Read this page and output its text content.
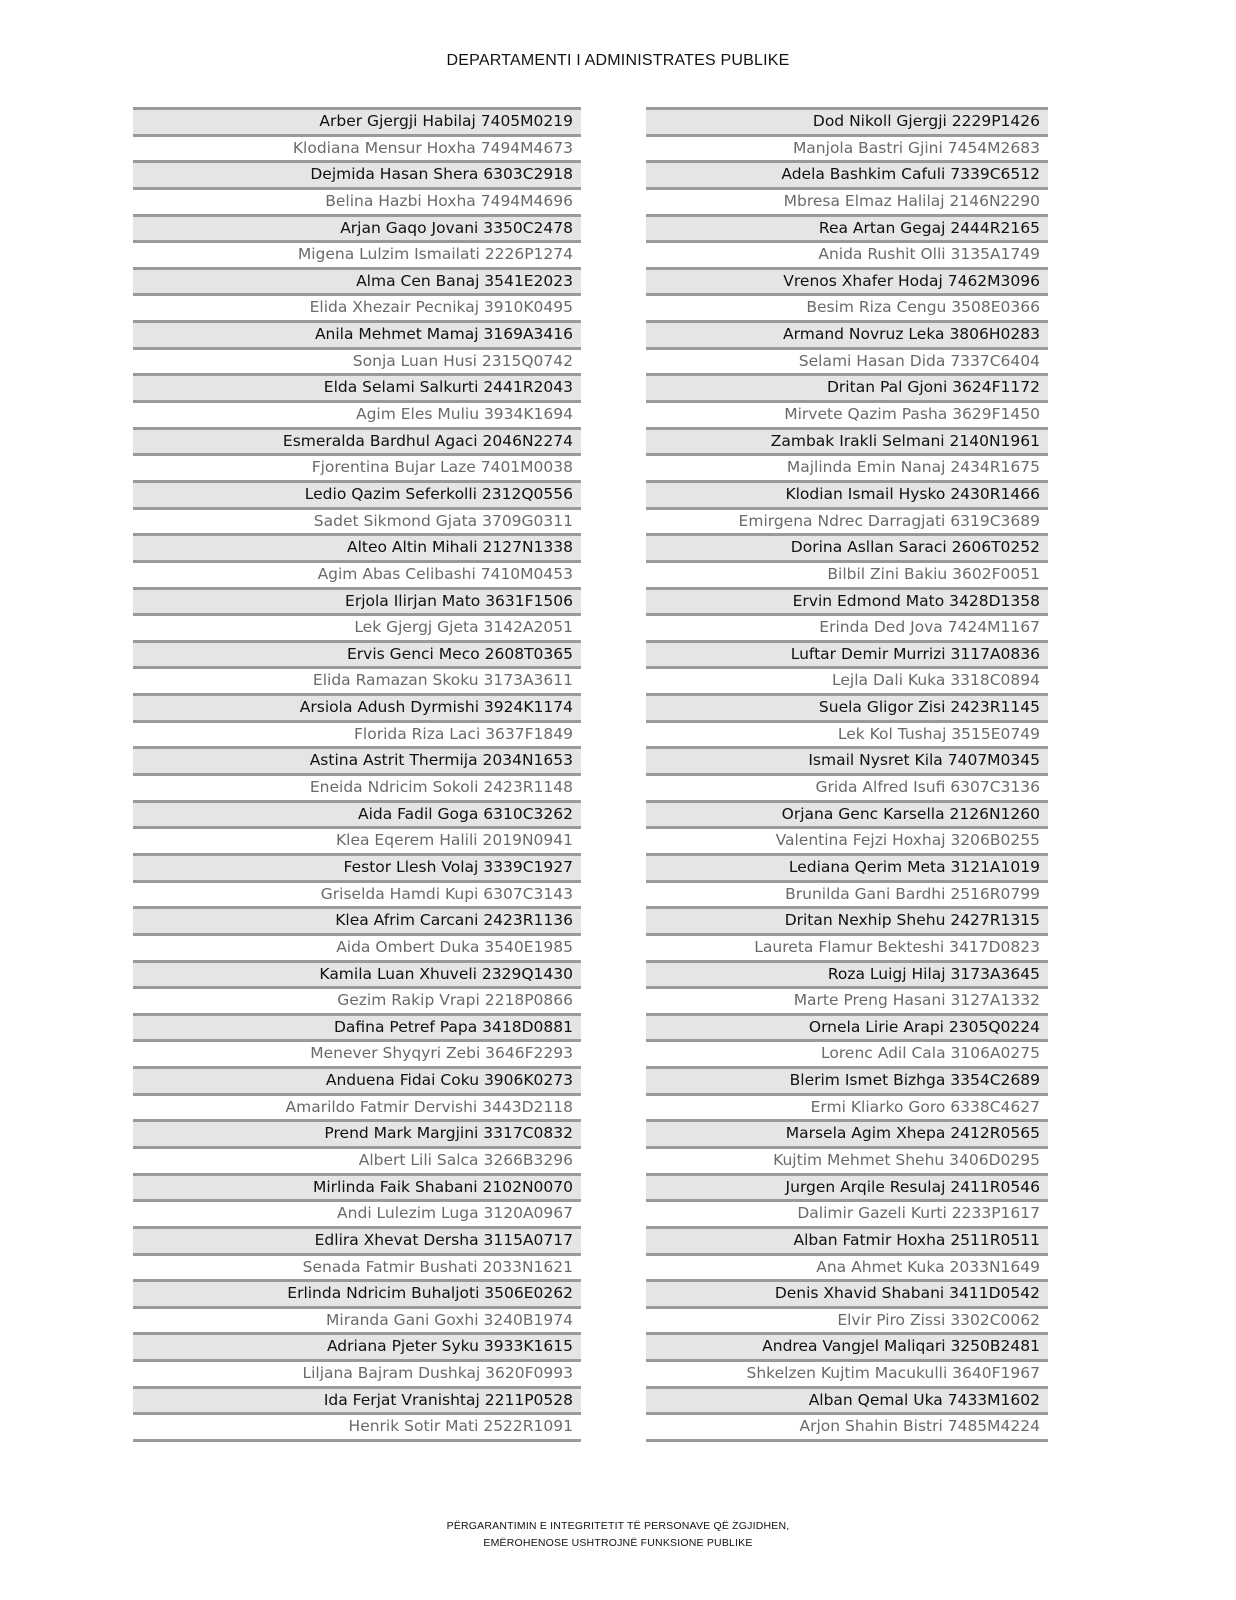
DEPARTAMENTI I ADMINISTRATES PUBLIKE
Arber Gjergji Habilaj 7405M0219
Klodiana Mensur Hoxha 7494M4673
Dejmida Hasan Shera 6303C2918
Belina Hazbi Hoxha 7494M4696
Arjan Gaqo Jovani 3350C2478
Migena Lulzim Ismailati 2226P1274
Alma Cen Banaj 3541E2023
Elida Xhezair Pecnikaj 3910K0495
Anila Mehmet Mamaj 3169A3416
Sonja Luan Husi 2315Q0742
Elda Selami Salkurti 2441R2043
Agim Eles Muliu 3934K1694
Esmeralda Bardhul Agaci 2046N2274
Fjorentina Bujar Laze 7401M0038
Ledio Qazim Seferkolli 2312Q0556
Sadet Sikmond Gjata 3709G0311
Alteo Altin Mihali 2127N1338
Agim Abas Celibashi 7410M0453
Erjola Ilirjan Mato 3631F1506
Lek Gjergj Gjeta 3142A2051
Ervis Genci Meco 2608T0365
Elida Ramazan Skoku 3173A3611
Arsiola Adush Dyrmishi 3924K1174
Florida Riza Laci 3637F1849
Astina Astrit Thermija 2034N1653
Eneida Ndricim Sokoli 2423R1148
Aida Fadil Goga 6310C3262
Klea Eqerem Halili 2019N0941
Festor Llesh Volaj 3339C1927
Griselda Hamdi Kupi 6307C3143
Klea Afrim Carcani 2423R1136
Aida Ombert Duka 3540E1985
Kamila Luan Xhuveli 2329Q1430
Gezim Rakip Vrapi 2218P0866
Dafina Petref Papa 3418D0881
Menever Shyqyri Zebi 3646F2293
Anduena Fidai Coku 3906K0273
Amarildo Fatmir Dervishi 3443D2118
Prend Mark Margjini 3317C0832
Albert Lili Salca 3266B3296
Mirlinda Faik Shabani 2102N0070
Andi Lulezim Luga 3120A0967
Edlira Xhevat Dersha 3115A0717
Senada Fatmir Bushati 2033N1621
Erlinda Ndricim Buhaljoti 3506E0262
Miranda Gani Goxhi 3240B1974
Adriana Pjeter Syku 3933K1615
Liljana Bajram Dushkaj 3620F0993
Ida Ferjat Vranishtaj 2211P0528
Henrik Sotir Mati 2522R1091
Dod Nikoll Gjergji 2229P1426
Manjola Bastri Gjini 7454M2683
Adela Bashkim Cafuli 7339C6512
Mbresa Elmaz Halilaj 2146N2290
Rea Artan Gegaj 2444R2165
Anida Rushit Olli 3135A1749
Vrenos Xhafer Hodaj 7462M3096
Besim Riza Cengu 3508E0366
Armand Novruz Leka 3806H0283
Selami Hasan Dida 7337C6404
Dritan Pal Gjoni 3624F1172
Mirvete Qazim Pasha 3629F1450
Zambak Irakli Selmani 2140N1961
Majlinda Emin Nanaj 2434R1675
Klodian Ismail Hysko 2430R1466
Emirgena Ndrec Darragjati 6319C3689
Dorina Asllan Saraci 2606T0252
Bilbil Zini Bakiu 3602F0051
Ervin Edmond Mato 3428D1358
Erinda Ded Jova 7424M1167
Luftar Demir Murrizi 3117A0836
Lejla Dali Kuka 3318C0894
Suela Gligor Zisi 2423R1145
Lek Kol Tushaj 3515E0749
Ismail Nysret Kila 7407M0345
Grida Alfred Isufi 6307C3136
Orjana Genc Karsella 2126N1260
Valentina Fejzi Hoxhaj 3206B0255
Lediana Qerim Meta 3121A1019
Brunilda Gani Bardhi 2516R0799
Dritan Nexhip Shehu 2427R1315
Laureta Flamur Bekteshi 3417D0823
Roza Luigj Hilaj 3173A3645
Marte Preng Hasani 3127A1332
Ornela Lirie Arapi 2305Q0224
Lorenc Adil Cala 3106A0275
Blerim Ismet Bizhga 3354C2689
Ermi Kliarko Goro 6338C4627
Marsela Agim Xhepa 2412R0565
Kujtim Mehmet Shehu 3406D0295
Jurgen Arqile Resulaj 2411R0546
Dalimir Gazeli Kurti 2233P1617
Alban Fatmir Hoxha 2511R0511
Ana Ahmet Kuka 2033N1649
Denis Xhavid Shabani 3411D0542
Elvir Piro Zissi 3302C0062
Andrea Vangjel Maliqari 3250B2481
Shkelzen Kujtim Macukulli 3640F1967
Alban Qemal Uka 7433M1602
Arjon Shahin Bistri 7485M4224
PËRGARANTIMIN E INTEGRITETIT TË PERSONAVE QË ZGJIDHEN,
EMËROHENOSE USHTROJNË FUNKSIONE PUBLIKE
